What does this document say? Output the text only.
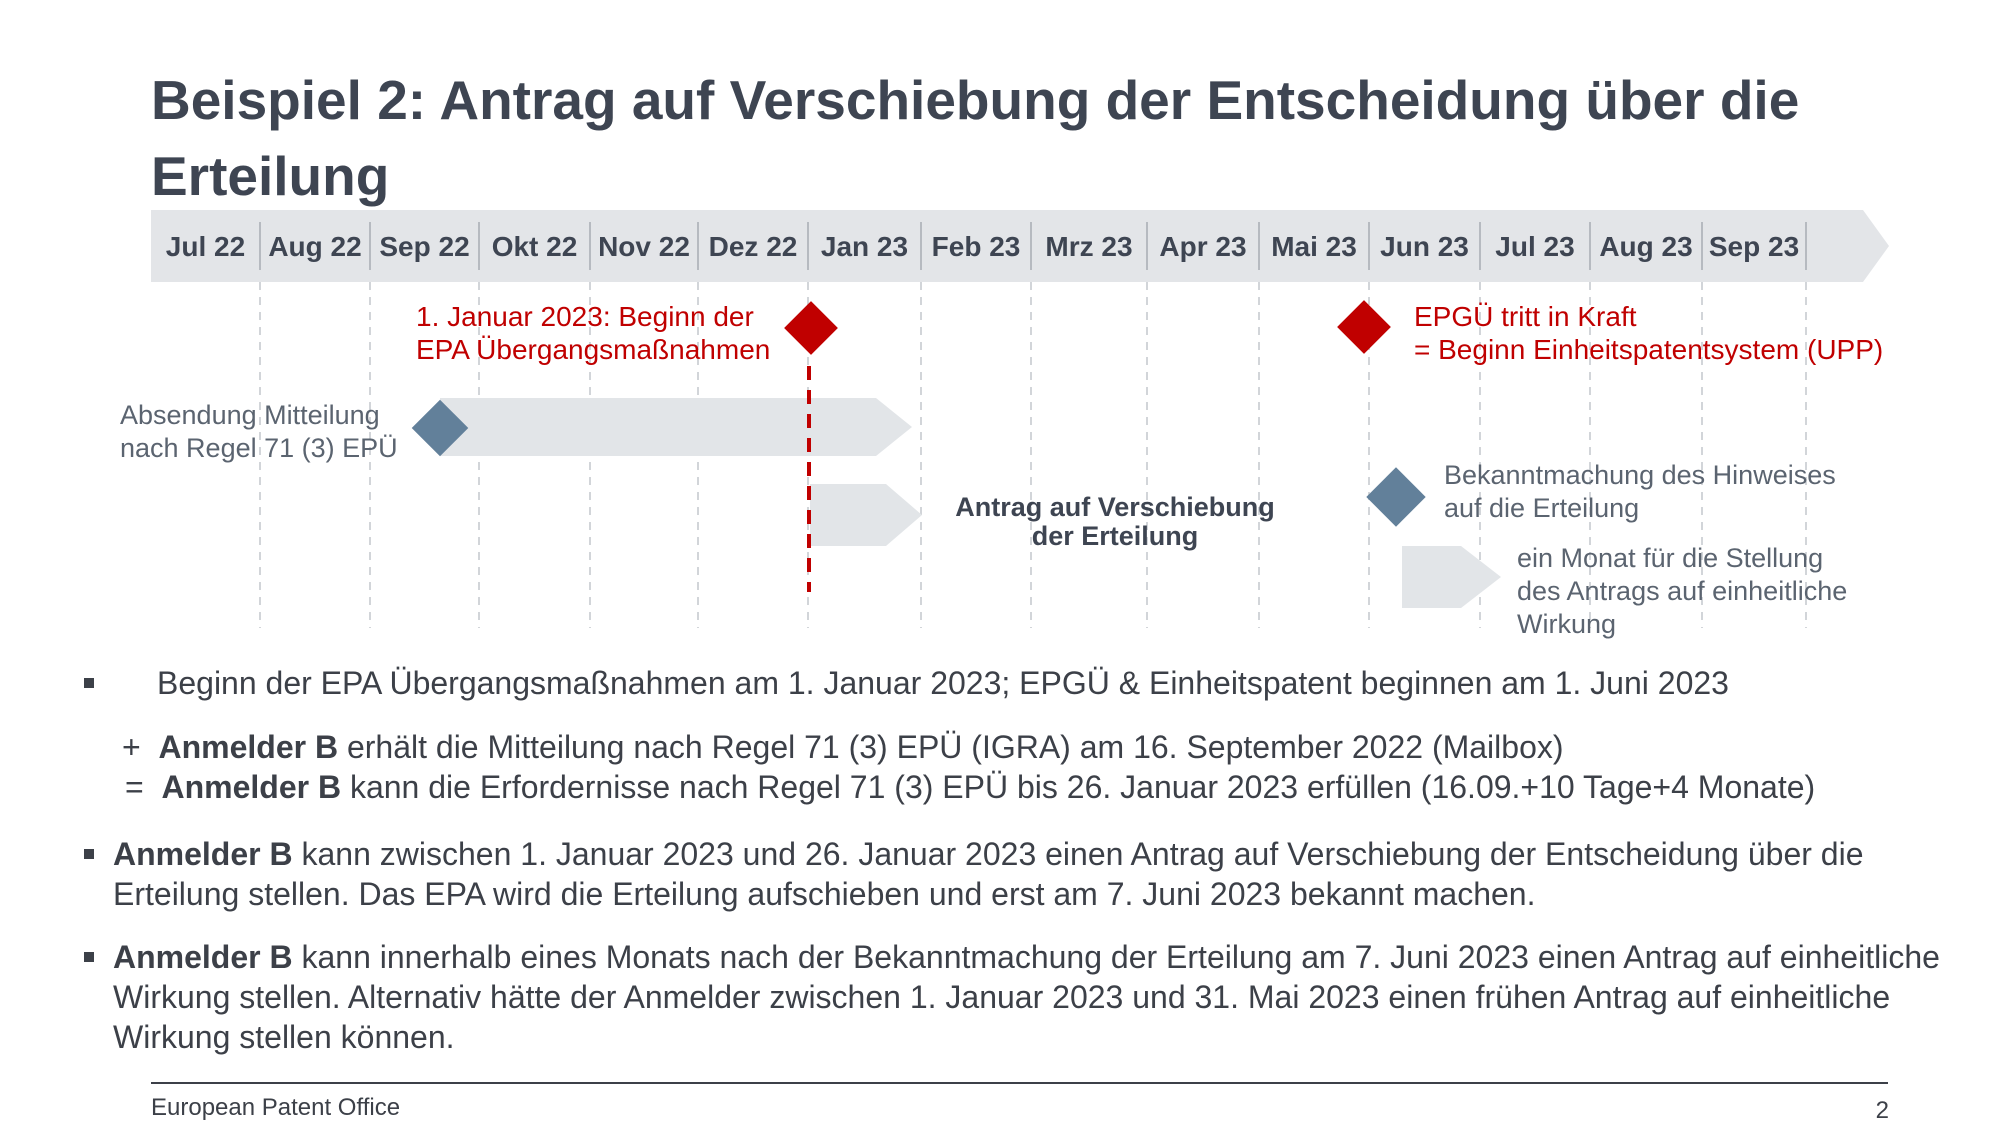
Beispiel 2: Antrag auf Verschiebung der Entscheidung über die Erteilung
Jul 22 Aug 22 Sep 22 Okt 22 Nov 22 Dez 22 Jan 23 Feb 23 Mrz 23 Apr 23 Mai 23 Jun 23 Jul 23 Aug 23 Sep 23
1. Januar 2023: Beginn der
EPA Übergangsmaßnahmen
EPGÜ tritt in Kraft
= Beginn Einheitspatentsystem (UPP)
Absendung Mitteilung
nach Regel 71 (3) EPÜ
Antrag auf Verschiebung
der Erteilung
Bekanntmachung des Hinweises
auf die Erteilung
ein Monat für die Stellung
des Antrags auf einheitliche
Wirkung
Beginn der EPA Übergangsmaßnahmen am 1. Januar 2023; EPGÜ & Einheitspatent beginnen am 1. Juni 2023
+ Anmelder B erhält die Mitteilung nach Regel 71 (3) EPÜ (IGRA) am 16. September 2022 (Mailbox)
= Anmelder B kann die Erfordernisse nach Regel 71 (3) EPÜ bis 26. Januar 2023 erfüllen (16.09.+10 Tage+4 Monate)
Anmelder B kann zwischen 1. Januar 2023 und 26. Januar 2023 einen Antrag auf Verschiebung der Entscheidung über die Erteilung stellen. Das EPA wird die Erteilung aufschieben und erst am 7. Juni 2023 bekannt machen.
Anmelder B kann innerhalb eines Monats nach der Bekanntmachung der Erteilung am 7. Juni 2023 einen Antrag auf einheitliche Wirkung stellen. Alternativ hätte der Anmelder zwischen 1. Januar 2023 und 31. Mai 2023 einen frühen Antrag auf einheitliche Wirkung stellen können.
European Patent Office	2
